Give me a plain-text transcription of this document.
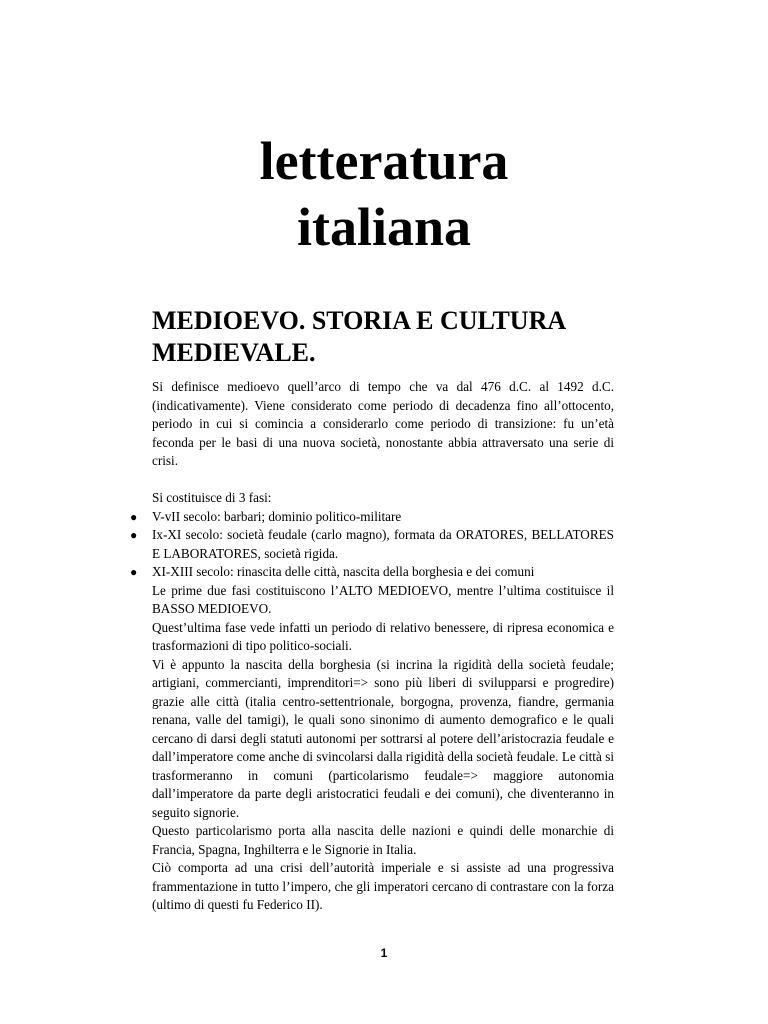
letteratura
italiana
MEDIOEVO. STORIA E CULTURA MEDIEVALE.

Si definisce medioevo quell’arco di tempo che va dal 476 d.C. al 1492 d.C. (indicativamente). Viene considerato come periodo di decadenza fino all’ottocento, periodo in cui si comincia a considerarlo come periodo di transizione: fu un’età feconda per le basi di una nuova società, nonostante abbia attraversato una serie di crisi.

Si costituisce di 3 fasi:

● V-vII secolo: barbari; dominio politico-militare
● Ix-XI secolo: società feudale (carlo magno), formata da ORATORES, BELLATORES E LABORATORES, società rigida.
● XI-XIII secolo: rinascita delle città, nascita della borghesia e dei comuni

Le prime due fasi costituiscono l’ALTO MEDIOEVO, mentre l’ultima costituisce il BASSO MEDIOEVO.

Quest’ultima fase vede infatti un periodo di relativo benessere, di ripresa economica e trasformazioni di tipo politico-sociali.

Vi è appunto la nascita della borghesia (si incrina la rigidità della società feudale; artigiani, commercianti, imprenditori=> sono più liberi di svilupparsi e progredire) grazie alle città (italia centro-settentrionale, borgogna, provenza, fiandre, germania renana, valle del tamigi), le quali sono sinonimo di aumento demografico e le quali cercano di darsi degli statuti autonomi per sottrarsi al potere dell’aristocrazia feudale e dall’imperatore come anche di svincolarsi dalla rigidità della società feudale. Le città si trasformeranno in comuni (particolarismo feudale=> maggiore autonomia dall’imperatore da parte degli aristocratici feudali e dei comuni), che diventeranno in seguito signorie.

Questo particolarismo porta alla nascita delle nazioni e quindi delle monarchie di Francia, Spagna, Inghilterra e le Signorie in Italia.

Ciò comporta ad una crisi dell’autorità imperiale e si assiste ad una progressiva frammentazione in tutto l’impero, che gli imperatori cercano di contrastare con la forza (ultimo di questi fu Federico II).

1
